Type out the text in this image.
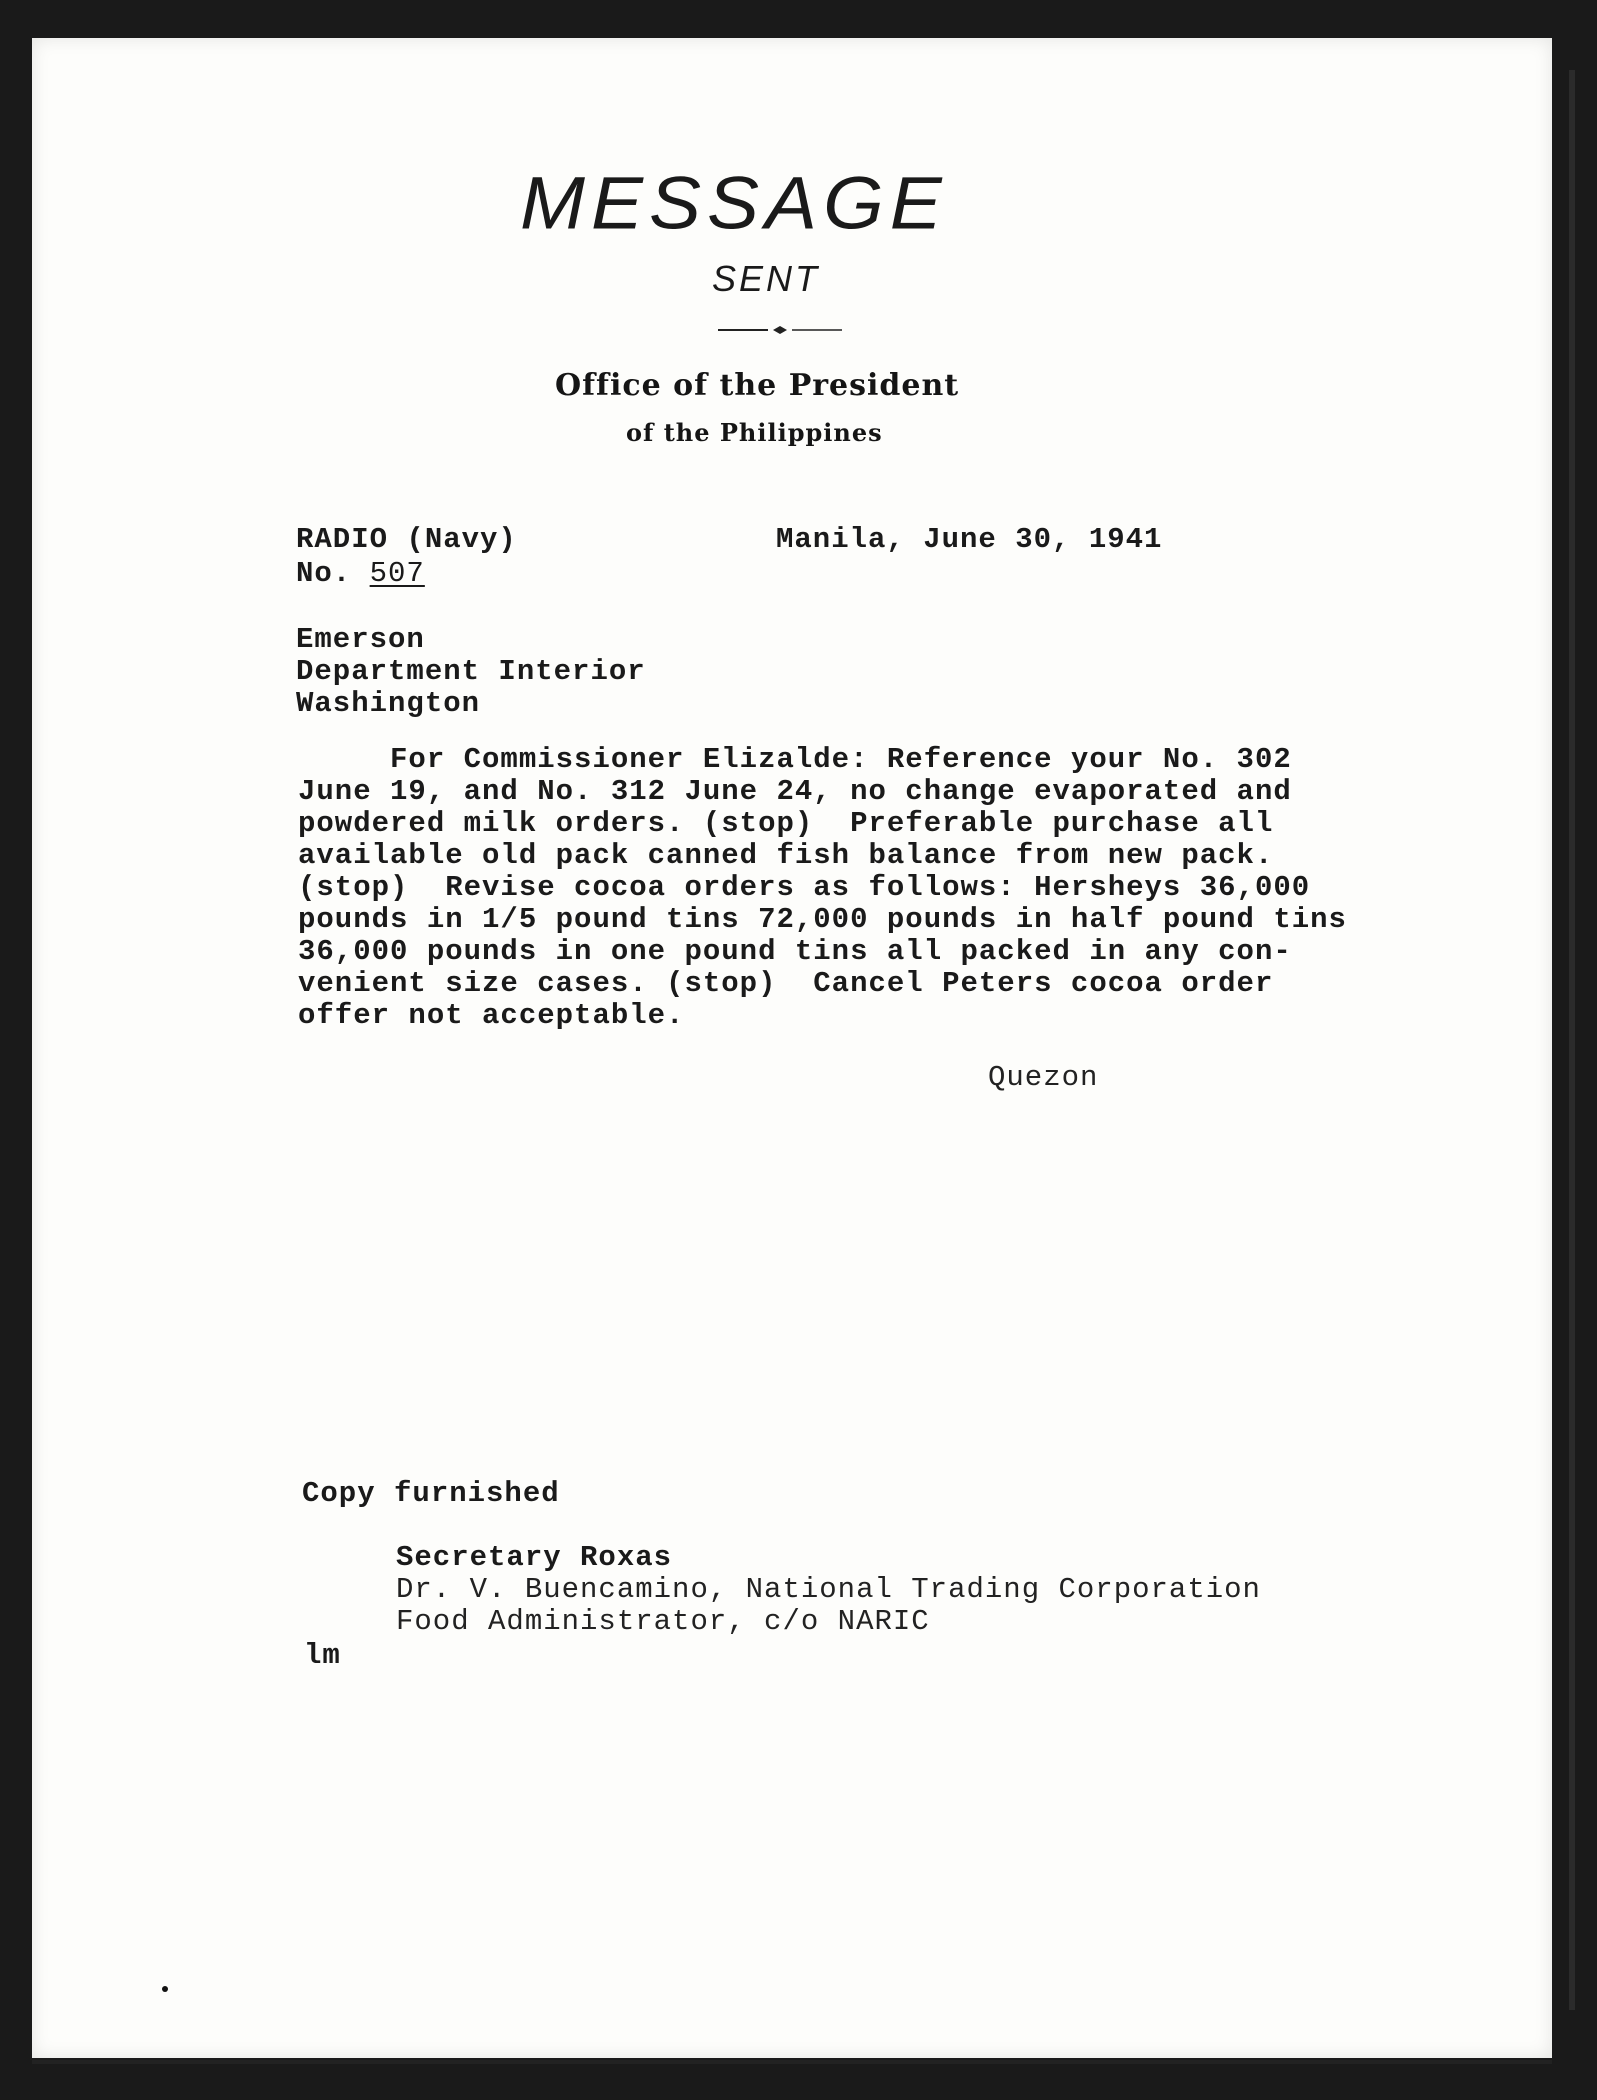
MESSAGE
SENT
Office of the President
of the Philippines
RADIO (Navy)	Manila, June 30, 1941
No. 507
Emerson
Department Interior
Washington
For Commissioner Elizalde: Reference your No. 302
June 19, and No. 312 June 24, no change evaporated and
powdered milk orders. (stop)  Preferable purchase all
available old pack canned fish balance from new pack.
(stop)  Revise cocoa orders as follows: Hersheys 36,000
pounds in 1/5 pound tins 72,000 pounds in half pound tins
36,000 pounds in one pound tins all packed in any con-
venient size cases. (stop)  Cancel Peters cocoa order
offer not acceptable.
Quezon
Copy furnished
Secretary Roxas
Dr. V. Buencamino, National Trading Corporation
Food Administrator, c/o NARIC
lm
